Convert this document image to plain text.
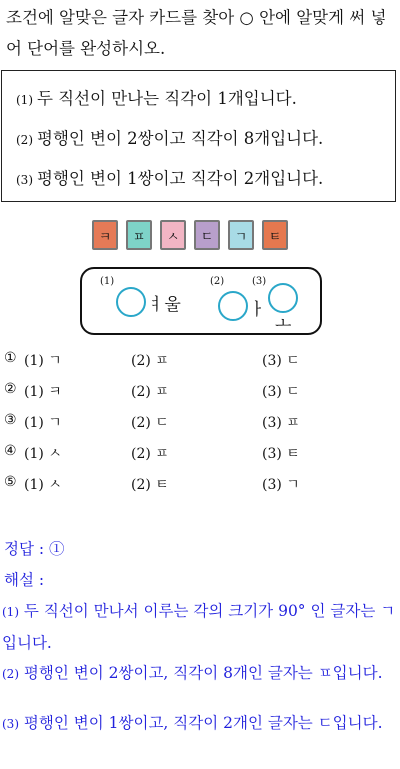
조건에 알맞은 글자 카드를 찾아 ○ 안에 알맞게 써 넣어 단어를 완성하시오.
(1) 두 직선이 만나는 직각이 1개입니다.
(2) 평행인 변이 2쌍이고 직각이 8개입니다.
(3) 평행인 변이 1쌍이고 직각이 2개입니다.
ㅋ	ㅍ	ㅅ	ㄷ	ㄱ	ㅌ
(1)
ㅕ울
(2)
ㅏ
(3)
ㅗ
① (1) ㄱ	(2) ㅍ	(3) ㄷ
② (1) ㅋ	(2) ㅍ	(3) ㄷ
③ (1) ㄱ	(2) ㄷ	(3) ㅍ
④ (1) ㅅ	(2) ㅍ	(3) ㅌ
⑤ (1) ㅅ	(2) ㅌ	(3) ㄱ
정답 : ①
해설 :
(1) 두 직선이 만나서 이루는 각의 크기가 90° 인 글자는 ㄱ입니다.
(2) 평행인 변이 2쌍이고, 직각이 8개인 글자는 ㅍ입니다.
(3) 평행인 변이 1쌍이고, 직각이 2개인 글자는 ㄷ입니다.
